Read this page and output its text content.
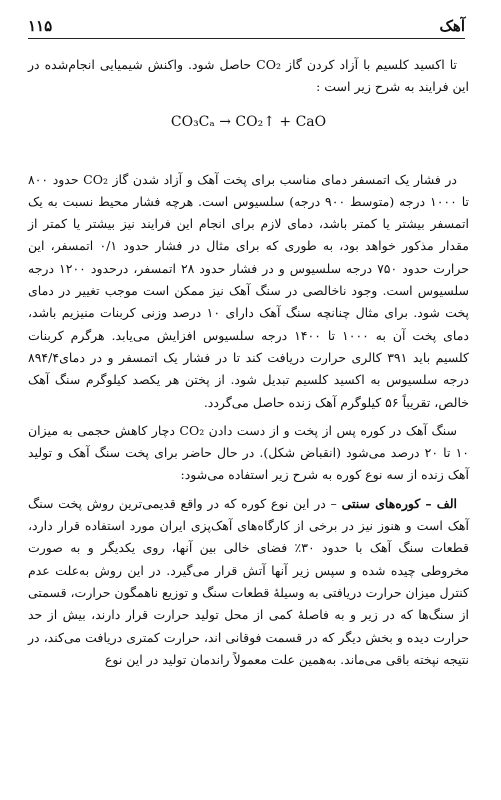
۱۱۵	آهک

تا اکسید کلسیم با آزاد کردن گاز CO₂ حاصل شود. واکنش شیمیایی انجام‌شده در این فرایند به شرح زیر است :

CO₃Cₐ → CO₂↑ + CaO

در فشار یک اتمسفر دمای مناسب برای پخت آهک و آزاد شدن گاز CO₂ حدود ۸۰۰ تا ۱۰۰۰ درجه (متوسط ۹۰۰ درجه) سلسیوس است. هرچه فشار محیط نسبت به یک اتمسفر بیشتر یا کمتر باشد، دمای لازم برای انجام این فرایند نیز بیشتر یا کمتر از مقدار مذکور خواهد بود، به طوری که برای مثال در فشار حدود ۰/۱ اتمسفر، این حرارت حدود ۷۵۰ درجه سلسیوس و در فشار حدود ۲۸ اتمسفر، درحدود ۱۲۰۰ درجه سلسیوس است. وجود ناخالصی در سنگ آهک نیز ممکن است موجب تغییر در دمای پخت شود. برای مثال چنانچه سنگ آهک دارای ۱۰ درصد وزنی کربنات منیزیم باشد، دمای پخت آن به ۱۰۰۰ تا ۱۴۰۰ درجه سلسیوس افزایش می‌یابد. هرگرم کربنات کلسیم باید ۳۹۱ کالری حرارت دریافت کند تا در فشار یک اتمسفر و در دمای۸۹۴/۴ درجه سلسیوس به اکسید کلسیم تبدیل شود. از پختن هر یکصد کیلوگرم سنگ آهک خالص، تقریباً ۵۶ کیلوگرم آهک زنده حاصل می‌گردد.

سنگ آهک در کوره پس از پخت و از دست دادن CO₂ دچار کاهش حجمی به میزان ۱۰ تا ۲۰ درصد می‌شود (انقباض شکل). در حال حاضر برای پخت سنگ آهک و تولید آهک زنده از سه نوع کوره به شرح زیر استفاده می‌شود:

الف – کوره‌های سنتی – در این نوع کوره که در واقع قدیمی‌ترین روش پخت سنگ آهک است و هنوز نیز در برخی از کارگاه‌های آهک‌پزی ایران مورد استفاده قرار دارد، قطعات سنگ آهک با حدود ۳۰٪ فضای خالی بین آنها، روی یکدیگر و به صورت مخروطی چیده شده و سپس زیر آنها آتش قرار می‌گیرد. در این روش به‌علت عدم کنترل میزان حرارت دریافتی به وسیلهٔ قطعات سنگ و توزیع ناهمگون حرارت، قسمتی از سنگ‌ها که در زیر و به فاصلهٔ کمی از محل تولید حرارت قرار دارند، بیش از حد حرارت دیده و بخش دیگر که در قسمت فوقانی اند، حرارت کمتری دریافت می‌کند، در نتیجه نپخته باقی می‌ماند. به‌همین علت معمولاً راندمان تولید در این نوع
